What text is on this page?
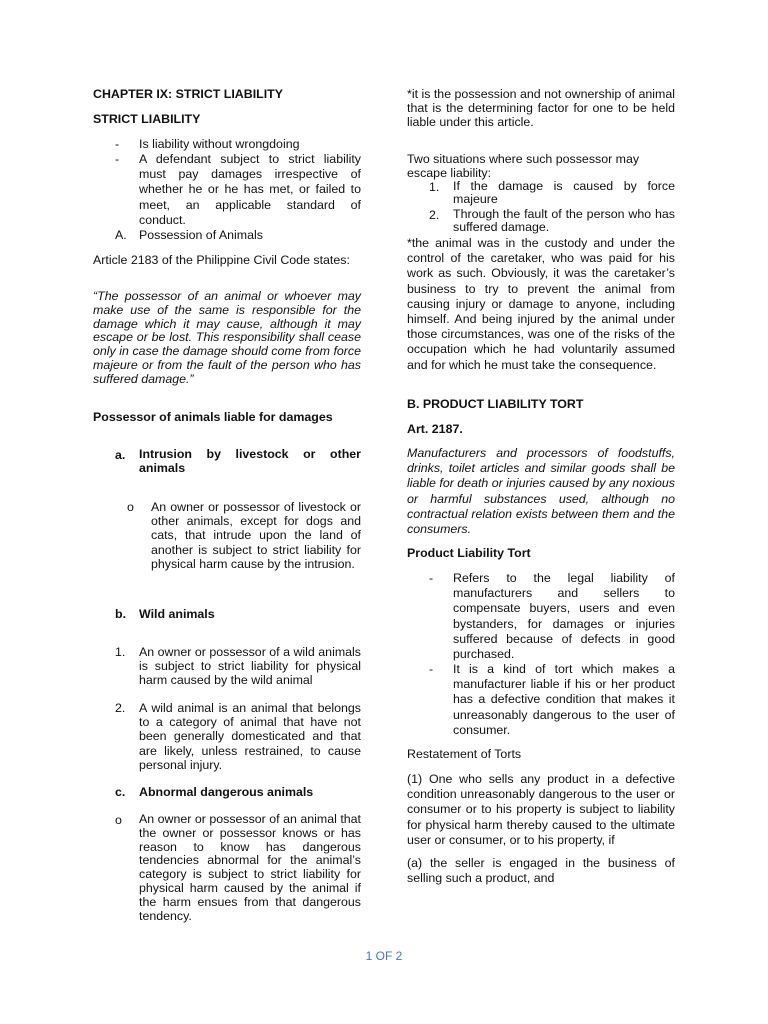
CHAPTER IX: STRICT LIABILITY
STRICT LIABILITY
- Is liability without wrongdoing
- A defendant subject to strict liability must pay damages irrespective of whether he or he has met, or failed to meet, an applicable standard of conduct.
A. Possession of Animals
Article 2183 of the Philippine Civil Code states:
“The possessor of an animal or whoever may make use of the same is responsible for the damage which it may cause, although it may escape or be lost. This responsibility shall cease only in case the damage should come from force majeure or from the fault of the person who has suffered damage.”
Possessor of animals liable for damages
a. Intrusion by livestock or other animals
o An owner or possessor of livestock or other animals, except for dogs and cats, that intrude upon the land of another is subject to strict liability for physical harm cause by the intrusion.
b. Wild animals
1. An owner or possessor of a wild animals is subject to strict liability for physical harm caused by the wild animal
2. A wild animal is an animal that belongs to a category of animal that have not been generally domesticated and that are likely, unless restrained, to cause personal injury.
c. Abnormal dangerous animals
o An owner or possessor of an animal that the owner or possessor knows or has reason to know has dangerous tendencies abnormal for the animal’s category is subject to strict liability for physical harm caused by the animal if the harm ensues from that dangerous tendency.
*it is the possession and not ownership of animal that is the determining factor for one to be held liable under this article.
Two situations where such possessor may escape liability:
1. If the damage is caused by force majeure
2. Through the fault of the person who has suffered damage.
*the animal was in the custody and under the control of the caretaker, who was paid for his work as such. Obviously, it was the caretaker’s business to try to prevent the animal from causing injury or damage to anyone, including himself. And being injured by the animal under those circumstances, was one of the risks of the occupation which he had voluntarily assumed and for which he must take the consequence.
B. PRODUCT LIABILITY TORT
Art. 2187.
Manufacturers and processors of foodstuffs, drinks, toilet articles and similar goods shall be liable for death or injuries caused by any noxious or harmful substances used, although no contractual relation exists between them and the consumers.
Product Liability Tort
- Refers to the legal liability of manufacturers and sellers to compensate buyers, users and even bystanders, for damages or injuries suffered because of defects in good purchased.
- It is a kind of tort which makes a manufacturer liable if his or her product has a defective condition that makes it unreasonably dangerous to the user of consumer.
Restatement of Torts
(1) One who sells any product in a defective condition unreasonably dangerous to the user or consumer or to his property is subject to liability for physical harm thereby caused to the ultimate user or consumer, or to his property, if
(a) the seller is engaged in the business of selling such a product, and
1 OF 2
